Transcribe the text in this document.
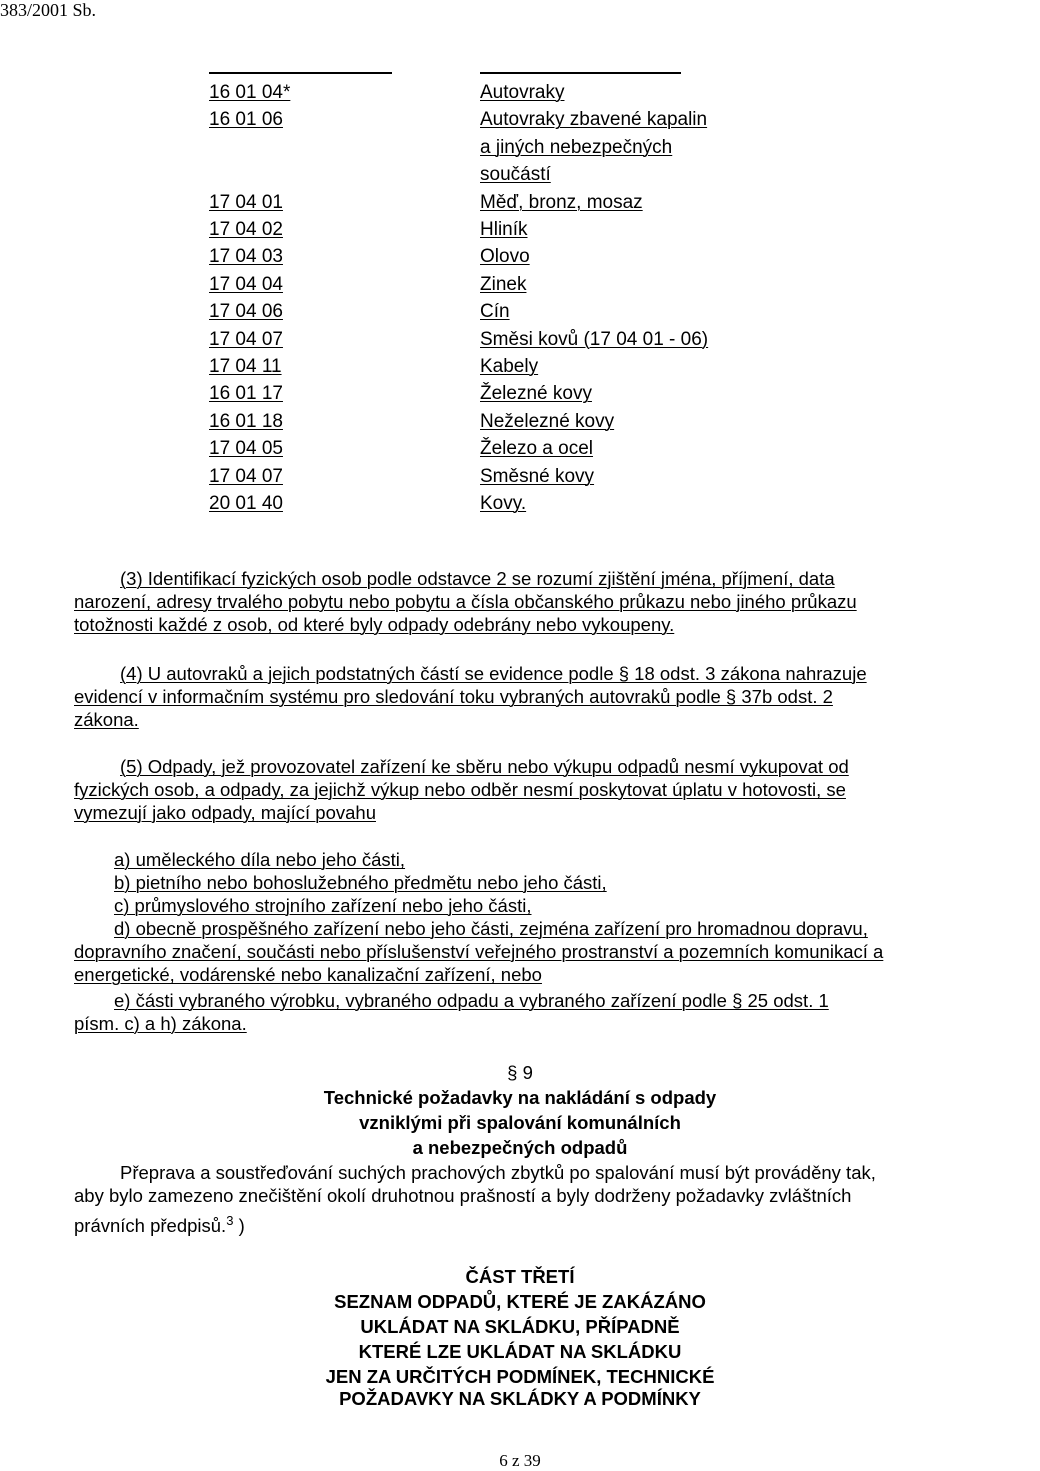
383/2001 Sb.
16 01 04*	Autovraky
16 01 06	Autovraky zbavené kapalin
a jiných nebezpečných
součástí
17 04 01	Měď, bronz, mosaz
17 04 02	Hliník
17 04 03	Olovo
17 04 04	Zinek
17 04 06	Cín
17 04 07	Směsi kovů (17 04 01 - 06)
17 04 11	Kabely
16 01 17	Železné kovy
16 01 18	Neželezné kovy
17 04 05	Železo a ocel
17 04 07	Směsné kovy
20 01 40	Kovy.
(3) Identifikací fyzických osob podle odstavce 2 se rozumí zjištění jména, příjmení, data
narození, adresy trvalého pobytu nebo pobytu a čísla občanského průkazu nebo jiného průkazu
totožnosti každé z osob, od které byly odpady odebrány nebo vykoupeny.
(4) U autovraků a jejich podstatných částí se evidence podle § 18 odst. 3 zákona nahrazuje
evidencí v informačním systému pro sledování toku vybraných autovraků podle § 37b odst. 2
zákona.
(5) Odpady, jež provozovatel zařízení ke sběru nebo výkupu odpadů nesmí vykupovat od
fyzických osob, a odpady, za jejichž výkup nebo odběr nesmí poskytovat úplatu v hotovosti, se
vymezují jako odpady, mající povahu
a) uměleckého díla nebo jeho části,
b) pietního nebo bohoslužebného předmětu nebo jeho části,
c) průmyslového strojního zařízení nebo jeho části,
d) obecně prospěšného zařízení nebo jeho části, zejména zařízení pro hromadnou dopravu,
dopravního značení, součásti nebo příslušenství veřejného prostranství a pozemních komunikací a
energetické, vodárenské nebo kanalizační zařízení, nebo
e) části vybraného výrobku, vybraného odpadu a vybraného zařízení podle § 25 odst. 1
písm. c) a h) zákona.
§ 9
Technické požadavky na nakládání s odpady
vzniklými při spalování komunálních
a nebezpečných odpadů
Přeprava a soustřeďování suchých prachových zbytků po spalování musí být prováděny tak,
aby bylo zamezeno znečištění okolí druhotnou prašností a byly dodrženy požadavky zvláštních
právních předpisů.$^3$ )
ČÁST TŘETÍ
SEZNAM ODPADŮ, KTERÉ JE ZAKÁZÁNO
UKLÁDAT NA SKLÁDKU, PŘÍPADNĚ
KTERÉ LZE UKLÁDAT NA SKLÁDKU
JEN ZA URČITÝCH PODMÍNEK, TECHNICKÉ
POŽADAVKY NA SKLÁDKY A PODMÍNKY
6 z 39
